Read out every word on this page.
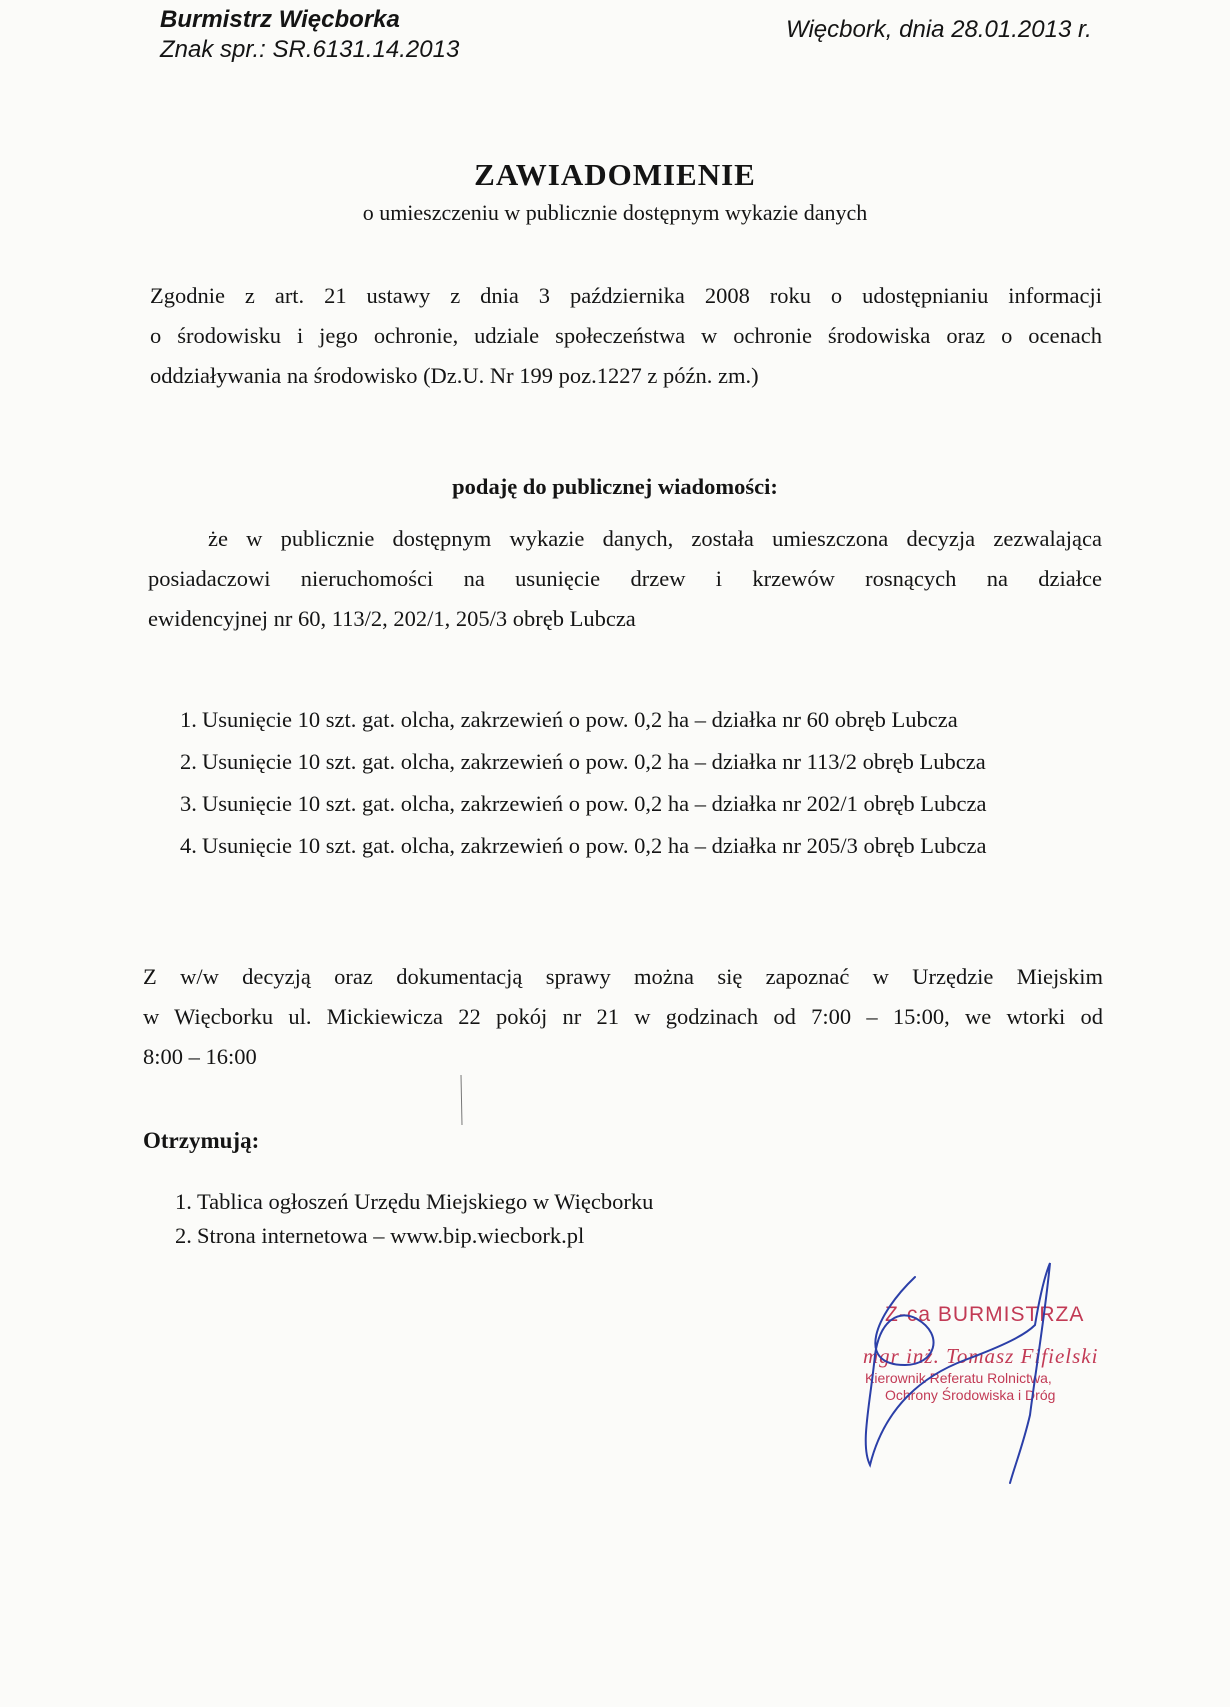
Burmistrz Więcborka
Znak spr.: SR.6131.14.2013
Więcbork, dnia 28.01.2013 r.
ZAWIADOMIENIE
o umieszczeniu w publicznie dostępnym wykazie danych
Zgodnie z art. 21 ustawy z dnia 3 października 2008 roku o udostępnianiu informacji
o środowisku i jego ochronie, udziale społeczeństwa w ochronie środowiska oraz o ocenach
oddziaływania na środowisko (Dz.U. Nr 199 poz.1227 z późn. zm.)
podaję do publicznej wiadomości:
że w publicznie dostępnym wykazie danych, została umieszczona decyzja zezwalająca
posiadaczowi nieruchomości na usunięcie drzew i krzewów rosnących na działce
ewidencyjnej nr 60, 113/2, 202/1, 205/3 obręb Lubcza
1. Usunięcie 10 szt. gat. olcha, zakrzewień o pow. 0,2 ha – działka nr 60 obręb Lubcza
2. Usunięcie 10 szt. gat. olcha, zakrzewień o pow. 0,2 ha – działka nr 113/2 obręb Lubcza
3. Usunięcie 10 szt. gat. olcha, zakrzewień o pow. 0,2 ha – działka nr 202/1 obręb Lubcza
4. Usunięcie 10 szt. gat. olcha, zakrzewień o pow. 0,2 ha – działka nr 205/3 obręb Lubcza
Z w/w decyzją oraz dokumentacją sprawy można się zapoznać w Urzędzie Miejskim
w Więcborku ul. Mickiewicza 22 pokój nr 21 w godzinach od 7:00 – 15:00, we wtorki od
8:00 – 16:00
Otrzymują:
1. Tablica ogłoszeń Urzędu Miejskiego w Więcborku
2. Strona internetowa – www.bip.wiecbork.pl
Z-ca BURMISTRZA
mgr inż. Tomasz Fifielski
Kierownik Referatu Rolnictwa,
Ochrony Środowiska i Dróg
